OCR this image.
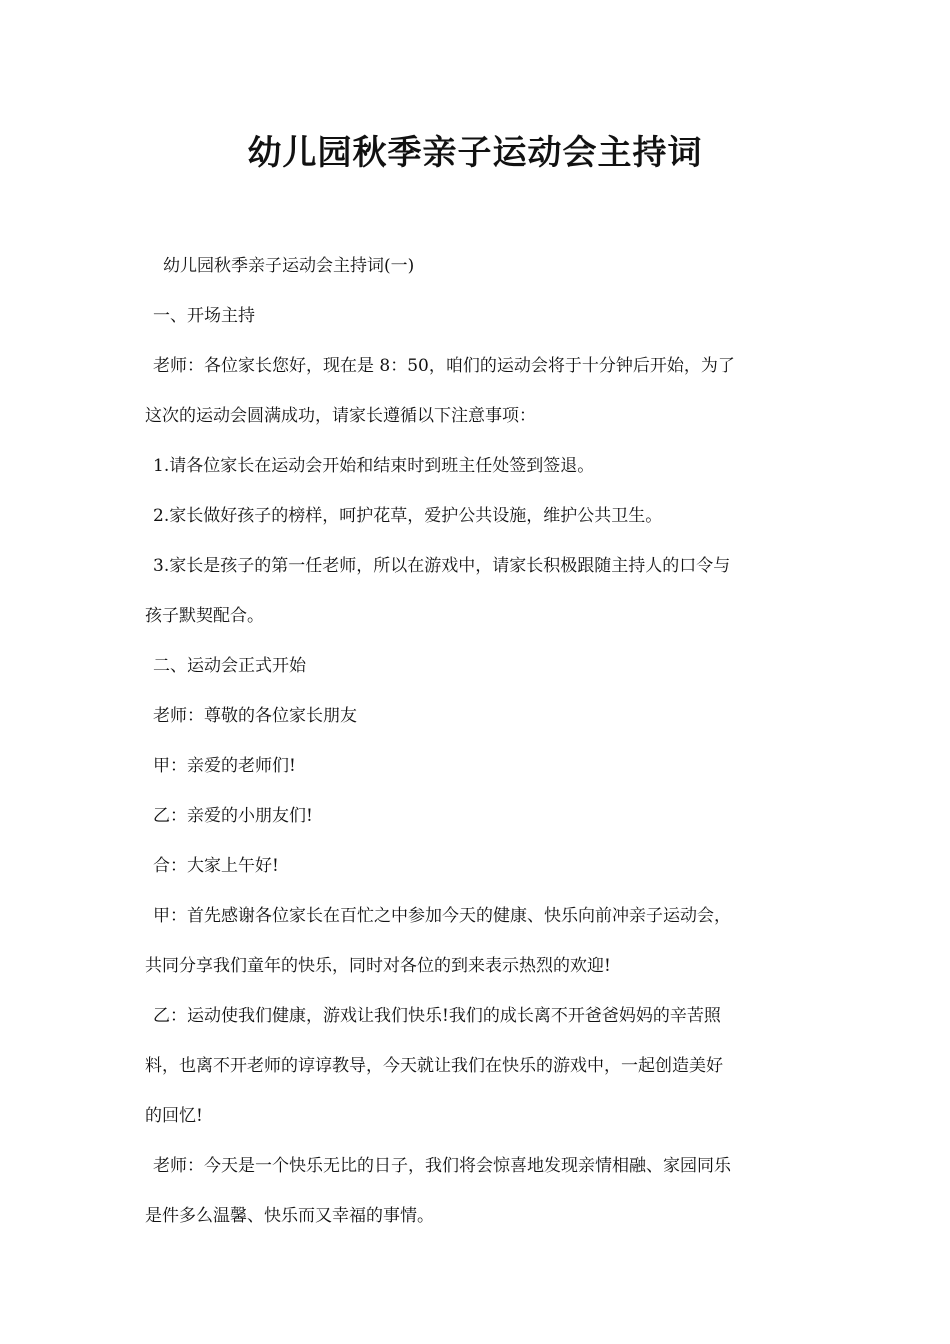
幼儿园秋季亲子运动会主持词

幼儿园秋季亲子运动会主持词(一)

一、开场主持

老师：各位家长您好，现在是 8：50，咱们的运动会将于十分钟后开始，为了

这次的运动会圆满成功，请家长遵循以下注意事项：

1.请各位家长在运动会开始和结束时到班主任处签到签退。

2.家长做好孩子的榜样，呵护花草，爱护公共设施，维护公共卫生。

3.家长是孩子的第一任老师，所以在游戏中，请家长积极跟随主持人的口令与

孩子默契配合。

二、运动会正式开始

老师：尊敬的各位家长朋友

甲：亲爱的老师们!

乙：亲爱的小朋友们!

合：大家上午好!

甲：首先感谢各位家长在百忙之中参加今天的健康、快乐向前冲亲子运动会，

共同分享我们童年的快乐，同时对各位的到来表示热烈的欢迎!

乙：运动使我们健康，游戏让我们快乐!我们的成长离不开爸爸妈妈的辛苦照

料，也离不开老师的谆谆教导，今天就让我们在快乐的游戏中，一起创造美好

的回忆!

老师：今天是一个快乐无比的日子，我们将会惊喜地发现亲情相融、家园同乐

是件多么温馨、快乐而又幸福的事情。
